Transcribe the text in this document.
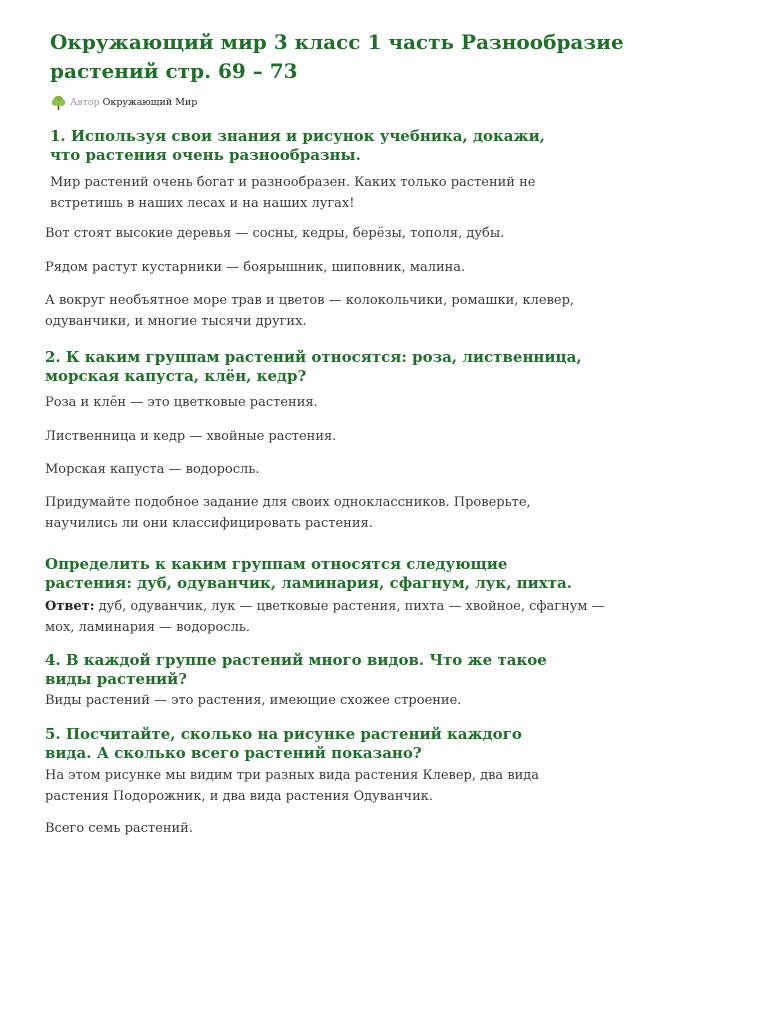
Окружающий мир 3 класс 1 часть Разнообразие растений стр. 69 – 73
Автор Окружающий Мир
1. Используя свои знания и рисунок учебника, докажи, что растения очень разнообразны.

Мир растений очень богат и разнообразен. Каких только растений не встретишь в наших лесах и на наших лугах!

Вот стоят высокие деревья — сосны, кедры, берёзы, тополя, дубы.

Рядом растут кустарники — боярышник, шиповник, малина.

А вокруг необъятное море трав и цветов — колокольчики, ромашки, клевер, одуванчики, и многие тысячи других.

2. К каким группам растений относятся: роза, лиственница, морская капуста, клён, кедр?

Роза и клён — это цветковые растения.

Лиственница и кедр — хвойные растения.

Морская капуста — водоросль.

Придумайте подобное задание для своих одноклассников. Проверьте, научились ли они классифицировать растения.

Определить к каким группам относятся следующие растения: дуб, одуванчик, ламинария, сфагнум, лук, пихта.

Ответ: дуб, одуванчик, лук — цветковые растения, пихта — хвойное, сфагнум — мох, ламинария — водоросль.

4. В каждой группе растений много видов. Что же такое виды растений?

Виды растений — это растения, имеющие схожее строение.

5. Посчитайте, сколько на рисунке растений каждого вида. А сколько всего растений показано?

На этом рисунке мы видим три разных вида растения Клевер, два вида растения Подорожник, и два вида растения Одуванчик.

Всего семь растений.
